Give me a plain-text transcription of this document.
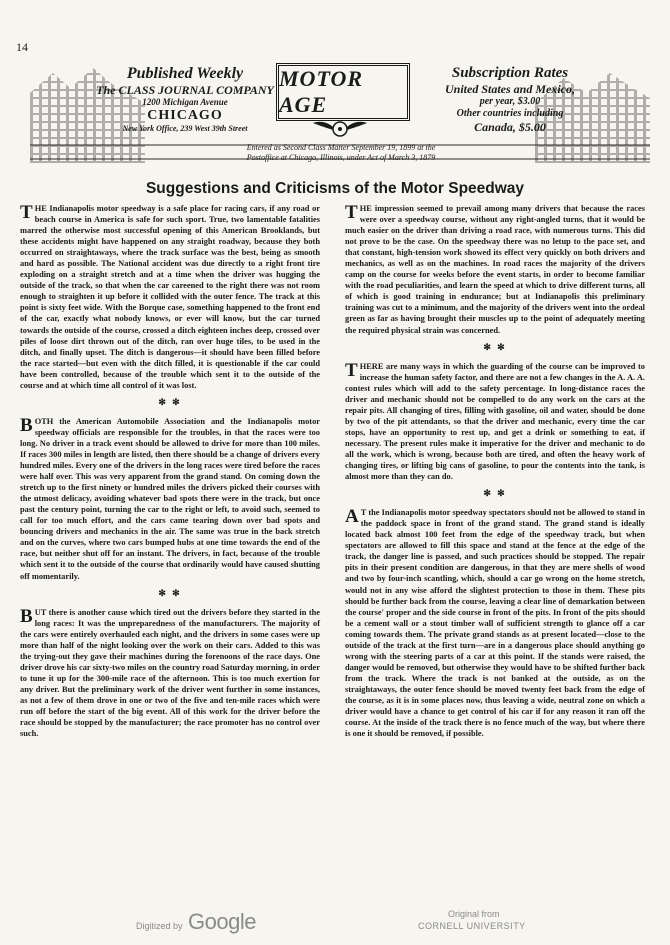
14
Published Weekly
The CLASS JOURNAL COMPANY
1200 Michigan Avenue
CHICAGO
New York Office, 239 West 39th Street
MOTOR AGE
Entered as Second Class Matter September 19, 1899 at the Postoffice at Chicago, Illinois, under Act of March 3, 1879
Subscription Rates
United States and Mexico,
per year, $3.00
Other countries including
Canada, $5.00
Suggestions and Criticisms of the Motor Speedway

THE Indianapolis motor speedway is a safe place for racing cars, if any road or beach course in America is safe for such sport. True, two lamentable fatalities marred the otherwise most successful opening of this American Brooklands, but these accidents might have happened on any straight roadway, because they both occurred on straightaways, where the track surface was the best, being as smooth and hard as possible. The National accident was due directly to a right front tire exploding on a straight stretch and at a time when the driver was hugging the outside of the track, so that when the car careened to the right there was not room enough to straighten it up before it collided with the outer fence. The track at this point is sixty feet wide. With the Borque case, something happened to the front end of the car, exactly what nobody knows, or ever will know, but the car turned towards the outside of the course, crossed a ditch eighteen inches deep, crossed over piles of loose dirt thrown out of the ditch, ran over huge tiles, to be used in the ditch, and finally upset. The ditch is dangerous—it should have been filled before the race started—but even with the ditch filled, it is questionable if the car could have been controlled, because of the trouble which sent it to the outside of the course and at which time all control of it was lost.

✻ ✻

BOTH the American Automobile Association and the Indianapolis motor speedway officials are responsible for the troubles, in that the races were too long. No driver in a track event should be allowed to drive for more than 100 miles. If races 300 miles in length are listed, then there should be a change of drivers every hundred miles. Every one of the drivers in the long races were tired before the races were half over. This was very apparent from the grand stand. On coming down the stretch up to the first ninety or hundred miles the drivers picked their courses with the utmost delicacy, avoiding whatever bad spots there were in the track, but once past the century point, turning the car to the right or left, to avoid such, seemed to call for too much effort, and the cars came tearing down over bad spots and bouncing drivers and mechanics in the air. The same was true in the back stretch and on the curves, where two cars bumped hubs at one time towards the end of the race, but neither shut off for an instant. The drivers, in fact, because of the trouble which sent it to the outside of the course that ordinarily would have caused shutting off momentarily.

✻ ✻

BUT there is another cause which tired out the drivers before they started in the long races: It was the unpreparedness of the manufacturers. The majority of the cars were entirely overhauled each night, and the drivers in some cases were up more than half of the night looking over the work on their cars. Added to this was the trying-out they gave their machines during the forenoons of the race days. One driver drove his car sixty-two miles on the country road Saturday morning, in order to tune it up for the 300-mile race of the afternoon. This is too much exertion for any driver. But the preliminary work of the driver went further in some instances, as not a few of them drove in one or two of the five and ten-mile races which were run off before the start of the big event. All of this work for the driver before the race should be stopped by the manufacturer; the race promoter has no control over such.

THE impression seemed to prevail among many drivers that because the races were over a speedway course, without any right-angled turns, that it would be much easier on the driver than driving a road race, with numerous turns. This did not prove to be the case. On the speedway there was no letup to the pace set, and that constant, high-tension work showed its effect very quickly on both drivers and mechanics, as well as on the machines. In road races the majority of the drivers camp on the course for weeks before the event starts, in order to become familiar with the road peculiarities, and learn the speed at which to drive different turns, all of which is good training in endurance; but at Indianapolis this preliminary training was cut to a minimum, and the majority of the drivers went into the ordeal green as far as having brought their muscles up to the point of adequately meeting the required physical strain was concerned.

✻ ✻

THERE are many ways in which the guarding of the course can be improved to increase the human safety factor, and there are not a few changes in the A. A. A. contest rules which will add to the safety percentage. In long-distance races the driver and mechanic should not be compelled to do any work on the cars at the repair pits. All changing of tires, filling with gasoline, oil and water, should be done by two of the pit attendants, so that the driver and mechanic, every time the car stops, have an opportunity to rest up, and get a drink or something to eat, if necessary. The present rules make it imperative for the driver and mechanic to do all the work, which is wrong, because both are tired, and often the heavy work of changing tires, or lifting big cans of gasoline, to pour the contents into the tank, is almost more than they can do.

✻ ✻

A T the Indianapolis motor speedway spectators should not be allowed to stand in the paddock space in front of the grand stand. The grand stand is ideally located back almost 100 feet from the edge of the speedway track, but when spectators are allowed to fill this space and stand at the fence at the edge of the track, the danger line is passed, and such practices should be stopped. The repair pits in their present condition are dangerous, in that they are mere shells of wood and two by four-inch scantling, which, should a car go wrong on the home stretch, would not in any wise afford the slightest protection to those in them. These pits should be further back from the course, leaving a clear line of demarkation between the course' proper and the side course in front of the pits. In front of the pits should be a cement wall or a stout timber wall of sufficient strength to glance off a car coming towards them. The private grand stands as at present located—close to the outside of the track at the first turn—are in a dangerous place should anything go wrong with the steering parts of a car at this point. If the stands were raised, the danger would be removed, but otherwise they would have to be shifted further back from the track. Where the track is not banked at the outside, as on the straightaways, the outer fence should be moved twenty feet back from the edge of the course, as it is in some places now, thus leaving a wide, neutral zone on which a driver would have a chance to get control of his car if for any reason it ran off the course. At the inside of the track there is no fence much of the way, but where there is one it should be removed, if possible.

Digitized by Google	Original from
CORNELL UNIVERSITY
